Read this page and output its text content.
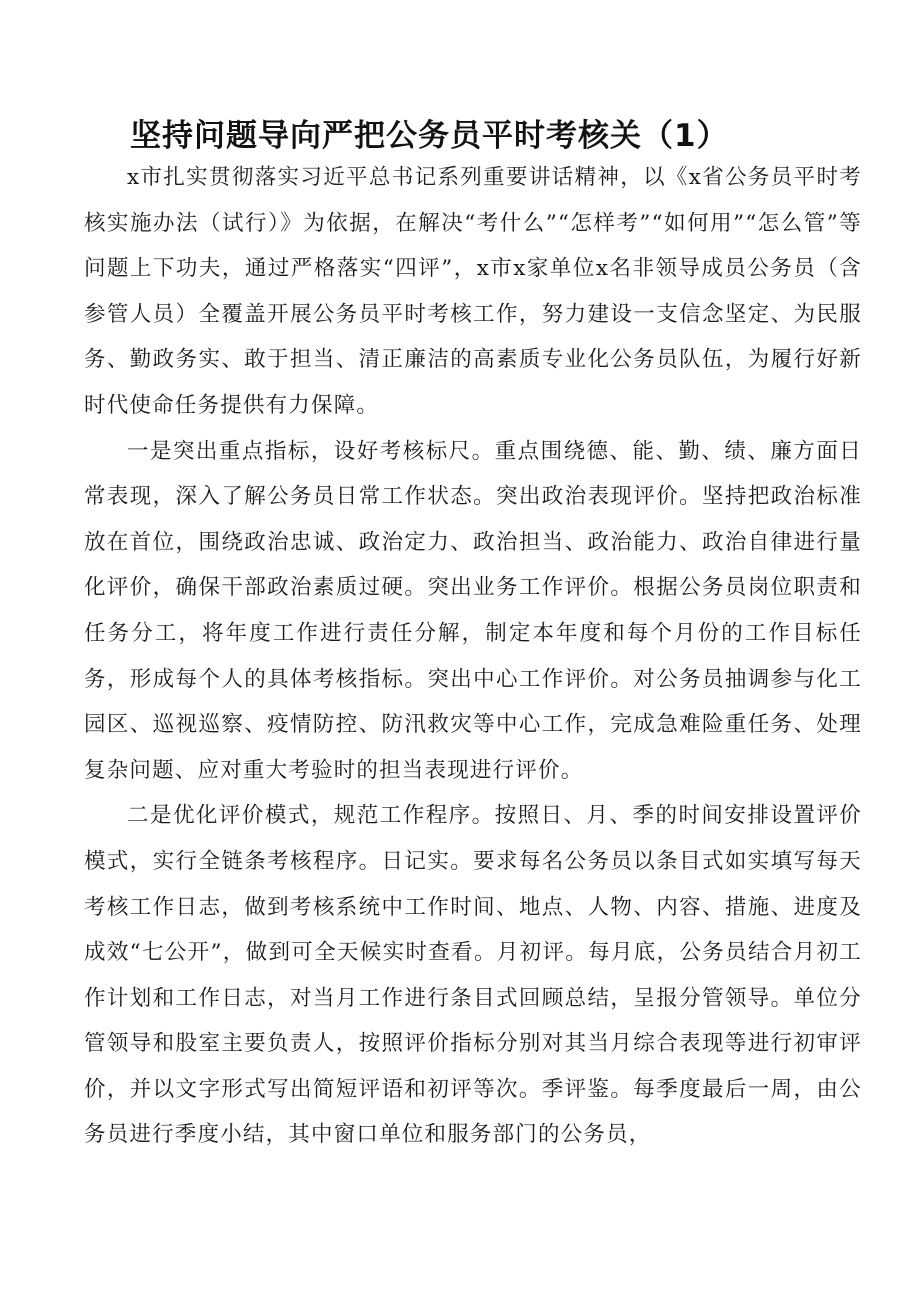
坚持问题导向严把公务员平时考核关（1）

x市扎实贯彻落实习近平总书记系列重要讲话精神，以《x省公务员平时考核实施办法（试行）》为依据，在解决“考什么”“怎样考”“如何用”“怎么管”等问题上下功夫，通过严格落实“四评”，x市x家单位x名非领导成员公务员（含参管人员）全覆盖开展公务员平时考核工作，努力建设一支信念坚定、为民服务、勤政务实、敢于担当、清正廉洁的高素质专业化公务员队伍，为履行好新时代使命任务提供有力保障。

一是突出重点指标，设好考核标尺。重点围绕德、能、勤、绩、廉方面日常表现，深入了解公务员日常工作状态。突出政治表现评价。坚持把政治标准放在首位，围绕政治忠诚、政治定力、政治担当、政治能力、政治自律进行量化评价，确保干部政治素质过硬。突出业务工作评价。根据公务员岗位职责和任务分工，将年度工作进行责任分解，制定本年度和每个月份的工作目标任务，形成每个人的具体考核指标。突出中心工作评价。对公务员抽调参与化工园区、巡视巡察、疫情防控、防汛救灾等中心工作，完成急难险重任务、处理复杂问题、应对重大考验时的担当表现进行评价。

二是优化评价模式，规范工作程序。按照日、月、季的时间安排设置评价模式，实行全链条考核程序。日记实。要求每名公务员以条目式如实填写每天考核工作日志，做到考核系统中工作时间、地点、人物、内容、措施、进度及成效“七公开”，做到可全天候实时查看。月初评。每月底，公务员结合月初工作计划和工作日志，对当月工作进行条目式回顾总结，呈报分管领导。单位分管领导和股室主要负责人，按照评价指标分别对其当月综合表现等进行初审评价，并以文字形式写出简短评语和初评等次。季评鉴。每季度最后一周，由公务员进行季度小结，其中窗口单位和服务部门的公务员，
